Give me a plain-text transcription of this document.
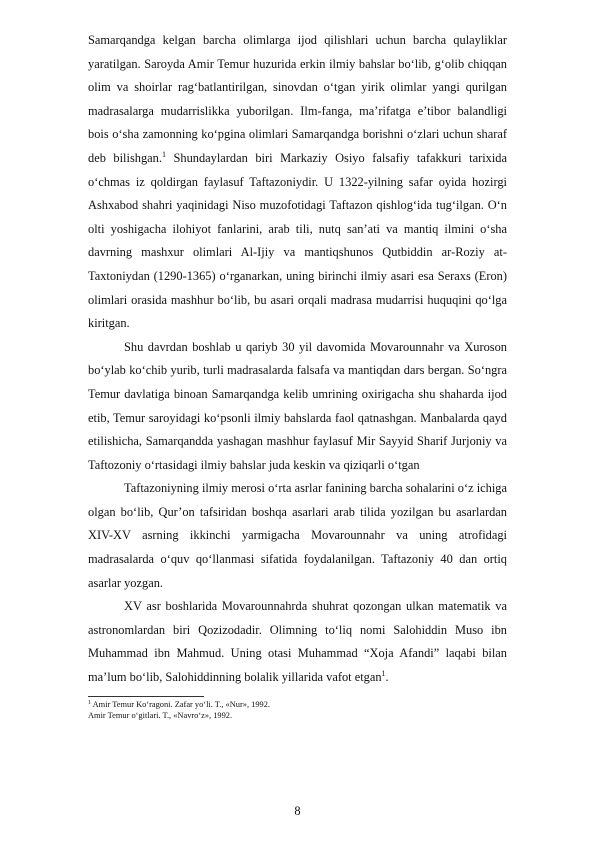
Samarqandga kelgan barcha olimlarga ijod qilishlari uchun barcha qulayliklar yaratilgan. Saroyda Amir Temur huzurida erkin ilmiy bahslar bo‘lib, g‘olib chiqqan olim va shoirlar rag‘batlantirilgan, sinovdan o‘tgan yirik olimlar yangi qurilgan madrasalarga mudarrislikka yuborilgan. Ilm-fanga, ma’rifatga e’tibor balandligi bois o‘sha zamonning ko‘pgina olimlari Samarqandga borishni o‘zlari uchun sharaf deb bilishgan.$^1$ Shundaylardan biri Markaziy Osiyo falsafiy tafakkuri tarixida o‘chmas iz qoldirgan faylasuf Taftazoniydir. U 1322-yilning safar oyida hozirgi Ashxabod shahri yaqinidagi Niso muzofotidagi Taftazon qishlog‘ida tug‘ilgan. O‘n olti yoshigacha ilohiyot fanlarini, arab tili, nutq san’ati va mantiq ilmini o‘sha davrning mashxur olimlari Al-Ijiy va mantiqshunos Qutbiddin ar-Roziy at-Taxtoniydan (1290-1365) o‘rganarkan, uning birinchi ilmiy asari esa Seraxs (Eron) olimlari orasida mashhur bo‘lib, bu asari orqali madrasa mudarrisi huquqini qo‘lga kiritgan.

Shu davrdan boshlab u qariyb 30 yil davomida Movarounnahr va Xuroson bo‘ylab ko‘chib yurib, turli madrasalarda falsafa va mantiqdan dars bergan. So‘ngra Temur davlatiga binoan Samarqandga kelib umrining oxirigacha shu shaharda ijod etib, Temur saroyidagi ko‘psonli ilmiy bahslarda faol qatnashgan. Manbalarda qayd etilishicha, Samarqandda yashagan mashhur faylasuf Mir Sayyid Sharif Jurjoniy va Taftozoniy o‘rtasidagi ilmiy bahslar juda keskin va qiziqarli o‘tgan

Taftazoniyning ilmiy merosi o‘rta asrlar fanining barcha sohalarini o‘z ichiga olgan bo‘lib, Qur’on tafsiridan boshqa asarlari arab tilida yozilgan bu asarlardan XIV-XV asrning ikkinchi yarmigacha Movarounnahr va uning atrofidagi madrasalarda o‘quv qo‘llanmasi sifatida foydalanilgan. Taftazoniy 40 dan ortiq asarlar yozgan.

XV asr boshlarida Movarounnahrda shuhrat qozongan ulkan matematik va astronomlardan biri Qozizodadir. Olimning to‘liq nomi Salohiddin Muso ibn Muhammad ibn Mahmud. Uning otasi Muhammad “Xoja Afandi” laqabi bilan ma’lum bo‘lib, Salohiddinning bolalik yillarida vafot etgan$^1$.

$^1$ Amir Temur Ko‘ragoni. Zafar yo‘li. T., «Nur», 1992.

Amir Temur o‘gitlari. T., «Navro‘z», 1992.

8
